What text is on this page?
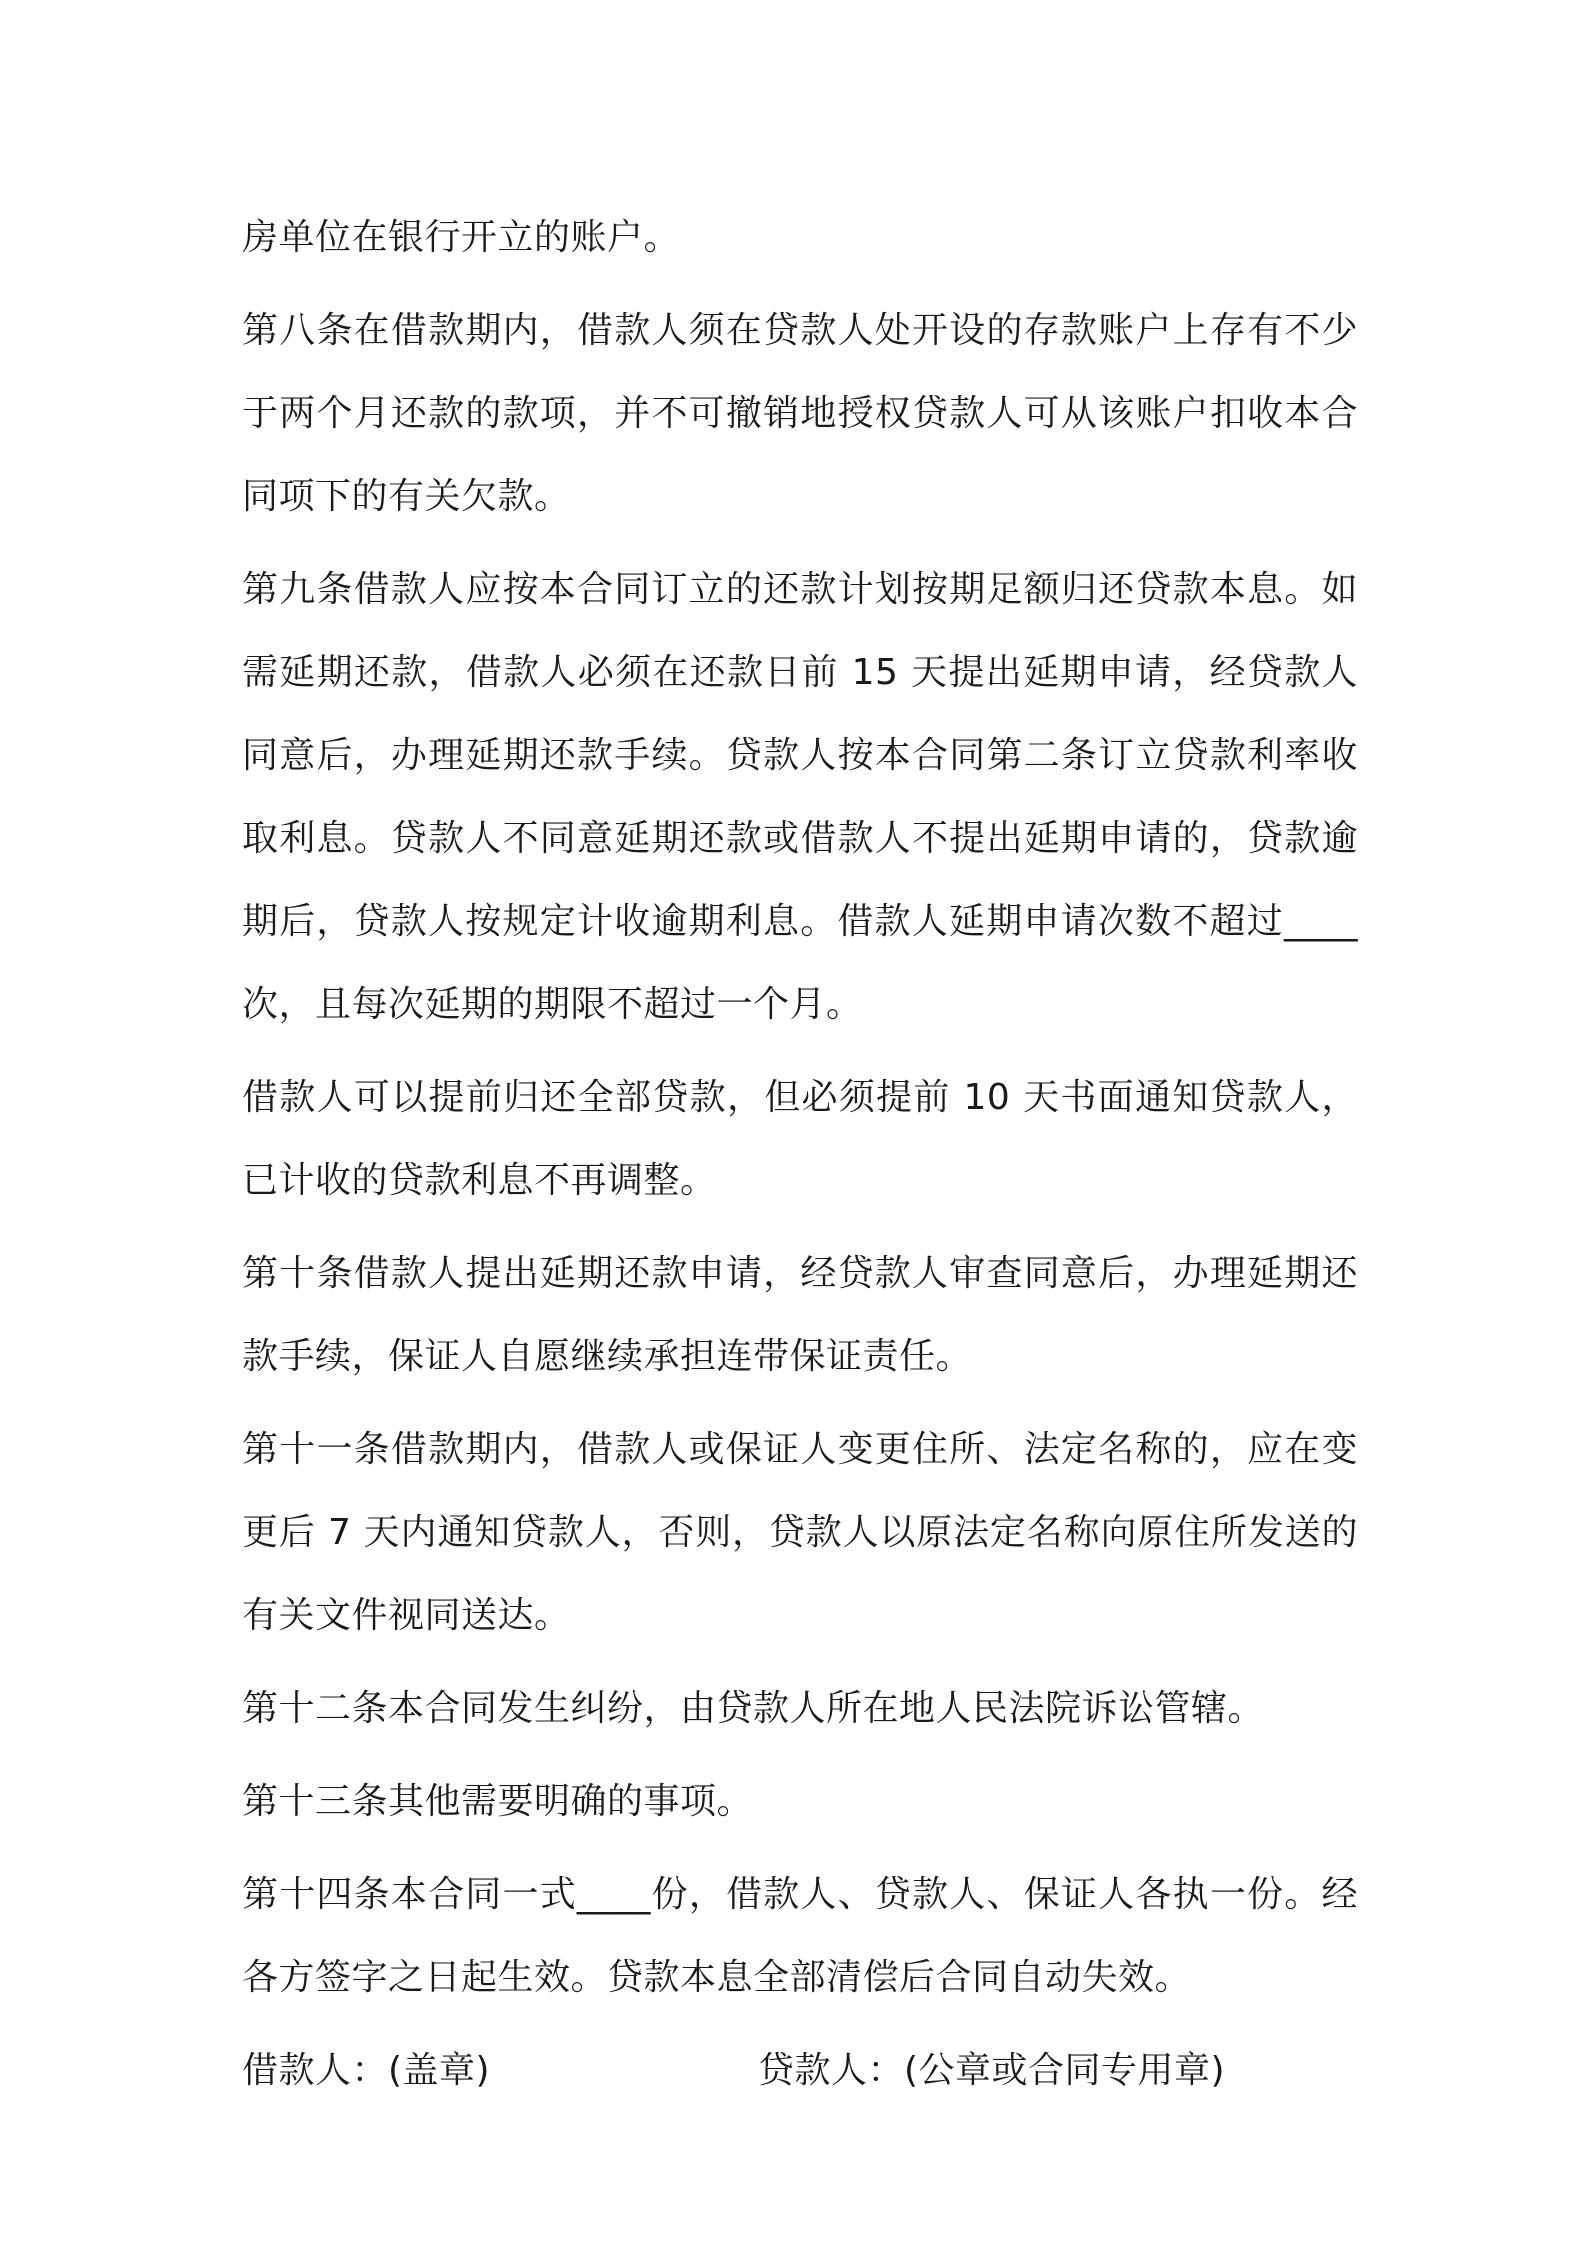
房单位在银行开立的账户。

第八条在借款期内，借款人须在贷款人处开设的存款账户上存有不少于两个月还款的款项，并不可撤销地授权贷款人可从该账户扣收本合同项下的有关欠款。

第九条借款人应按本合同订立的还款计划按期足额归还贷款本息。如需延期还款，借款人必须在还款日前 15 天提出延期申请，经贷款人同意后，办理延期还款手续。贷款人按本合同第二条订立贷款利率收取利息。贷款人不同意延期还款或借款人不提出延期申请的，贷款逾期后，贷款人按规定计收逾期利息。借款人延期申请次数不超过____次，且每次延期的期限不超过一个月。

借款人可以提前归还全部贷款，但必须提前 10 天书面通知贷款人，已计收的贷款利息不再调整。

第十条借款人提出延期还款申请，经贷款人审查同意后，办理延期还款手续，保证人自愿继续承担连带保证责任。

第十一条借款期内，借款人或保证人变更住所、法定名称的，应在变更后 7 天内通知贷款人，否则，贷款人以原法定名称向原住所发送的有关文件视同送达。

第十二条本合同发生纠纷，由贷款人所在地人民法院诉讼管辖。

第十三条其他需要明确的事项。

第十四条本合同一式____份，借款人、贷款人、保证人各执一份。经各方签字之日起生效。贷款本息全部清偿后合同自动失效。

借款人：(盖章)	贷款人：(公章或合同专用章)
